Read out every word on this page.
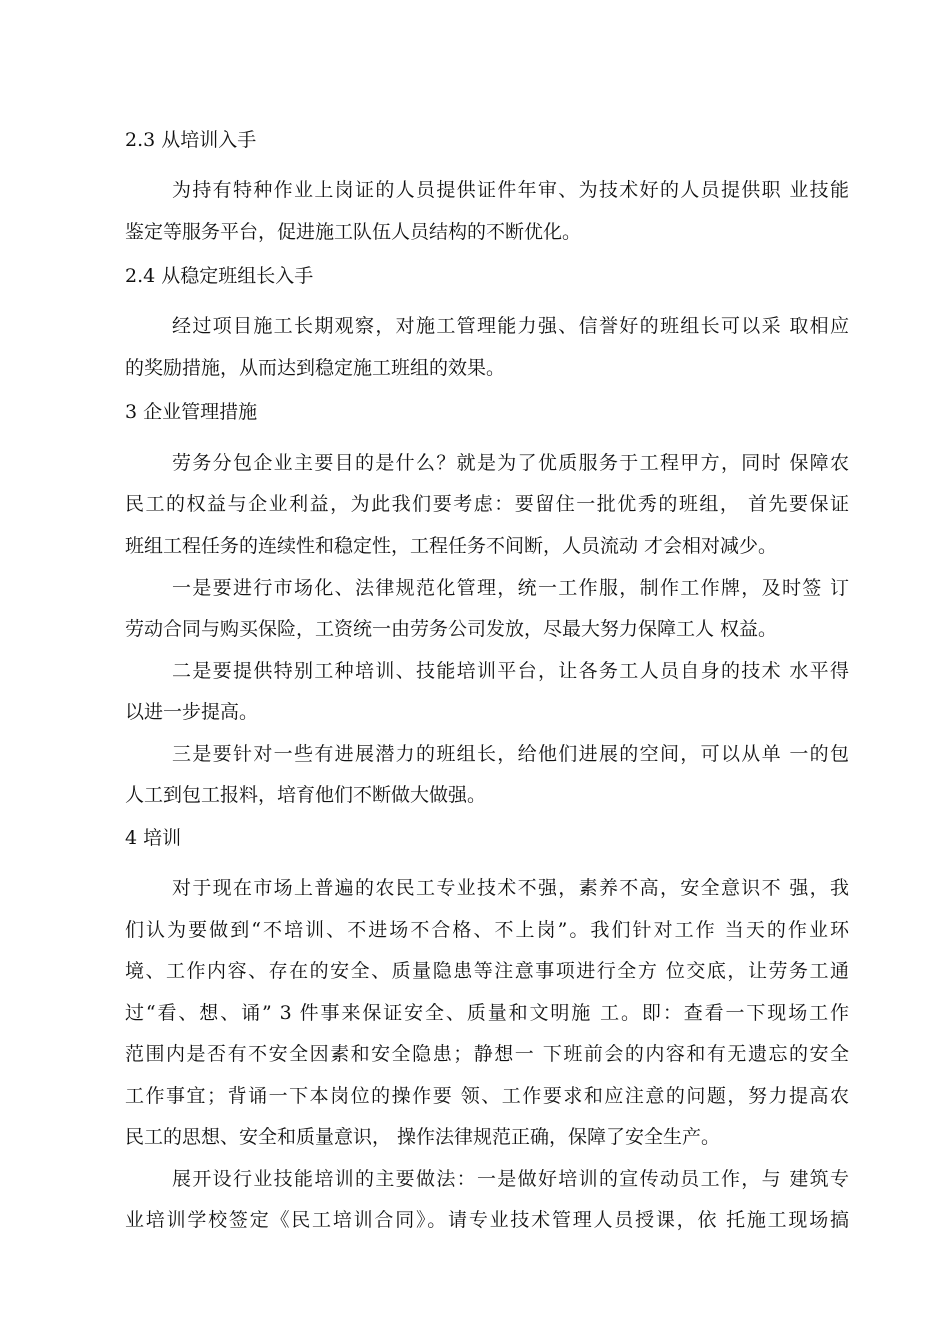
2.3 从培训入手
为持有特种作业上岗证的人员提供证件年审、为技术好的人员提供职 业技能
鉴定等服务平台，促进施工队伍人员结构的不断优化。
2.4 从稳定班组长入手
经过项目施工长期观察，对施工管理能力强、信誉好的班组长可以采 取相应
的奖励措施，从而达到稳定施工班组的效果。
3 企业管理措施
劳务分包企业主要目的是什么？就是为了优质服务于工程甲方，同时 保障农
民工的权益与企业利益，为此我们要考虑：要留住一批优秀的班组， 首先要保证
班组工程任务的连续性和稳定性，工程任务不间断，人员流动 才会相对减少。
一是要进行市场化、法律规范化管理，统一工作服，制作工作牌，及时签 订
劳动合同与购买保险，工资统一由劳务公司发放，尽最大努力保障工人 权益。
二是要提供特别工种培训、技能培训平台，让各务工人员自身的技术 水平得
以进一步提高。
三是要针对一些有进展潜力的班组长，给他们进展的空间，可以从单 一的包
人工到包工报料，培育他们不断做大做强。
4 培训
对于现在市场上普遍的农民工专业技术不强，素养不高，安全意识不 强，我
们认为要做到“不培训、不进场不合格、不上岗”。我们针对工作 当天的作业环
境、工作内容、存在的安全、质量隐患等注意事项进行全方 位交底，让劳务工通
过“看、想、诵” 3 件事来保证安全、质量和文明施 工。即：查看一下现场工作
范围内是否有不安全因素和安全隐患；静想一 下班前会的内容和有无遗忘的安全
工作事宜；背诵一下本岗位的操作要 领、工作要求和应注意的问题，努力提高农
民工的思想、安全和质量意识， 操作法律规范正确，保障了安全生产。
展开设行业技能培训的主要做法：一是做好培训的宣传动员工作，与 建筑专
业培训学校签定《民工培训合同》。请专业技术管理人员授课，依 托施工现场搞
